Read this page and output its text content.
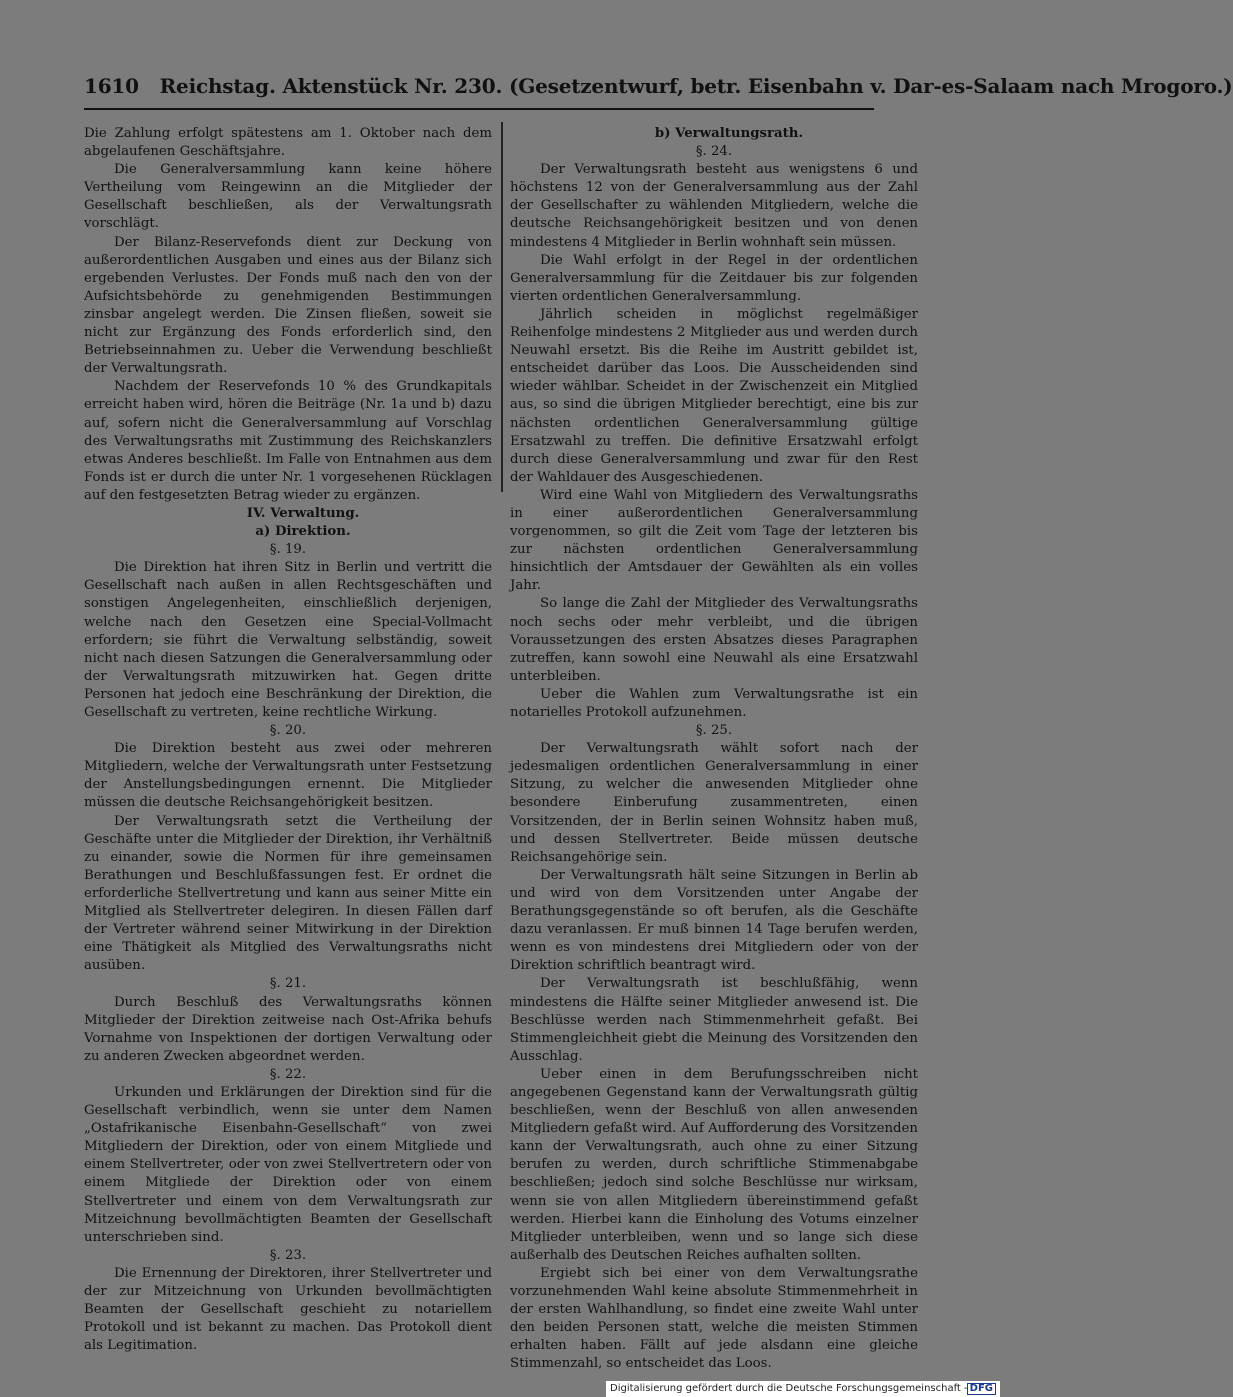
1610 Reichstag. Aktenstück Nr. 230. (Gesetzentwurf, betr. Eisenbahn v. Dar-es-Salaam nach Mrogoro.)

Die Zahlung erfolgt spätestens am 1. Oktober nach dem abgelaufenen Geschäftsjahre.

Die Generalversammlung kann keine höhere Vertheilung vom Reingewinn an die Mitglieder der Gesellschaft beschließen, als der Verwaltungsrath vorschlägt.

Der Bilanz-Reservefonds dient zur Deckung von außerordentlichen Ausgaben und eines aus der Bilanz sich ergebenden Verlustes. Der Fonds muß nach den von der Aufsichtsbehörde zu genehmigenden Bestimmungen zinsbar angelegt werden. Die Zinsen fließen, soweit sie nicht zur Ergänzung des Fonds erforderlich sind, den Betriebseinnahmen zu. Ueber die Verwendung beschließt der Verwaltungsrath.

Nachdem der Reservefonds 10 % des Grundkapitals erreicht haben wird, hören die Beiträge (Nr. 1a und b) dazu auf, sofern nicht die Generalversammlung auf Vorschlag des Verwaltungsraths mit Zustimmung des Reichskanzlers etwas Anderes beschließt. Im Falle von Entnahmen aus dem Fonds ist er durch die unter Nr. 1 vorgesehenen Rücklagen auf den festgesetzten Betrag wieder zu ergänzen.

IV. Verwaltung.

a) Direktion.

§. 19.

Die Direktion hat ihren Sitz in Berlin und vertritt die Gesellschaft nach außen in allen Rechtsgeschäften und sonstigen Angelegenheiten, einschließlich derjenigen, welche nach den Gesetzen eine Special-Vollmacht erfordern; sie führt die Verwaltung selbständig, soweit nicht nach diesen Satzungen die Generalversammlung oder der Verwaltungsrath mitzuwirken hat. Gegen dritte Personen hat jedoch eine Beschränkung der Direktion, die Gesellschaft zu vertreten, keine rechtliche Wirkung.

§. 20.

Die Direktion besteht aus zwei oder mehreren Mitgliedern, welche der Verwaltungsrath unter Festsetzung der Anstellungsbedingungen ernennt. Die Mitglieder müssen die deutsche Reichsangehörigkeit besitzen.

Der Verwaltungsrath setzt die Vertheilung der Geschäfte unter die Mitglieder der Direktion, ihr Verhältniß zu einander, sowie die Normen für ihre gemeinsamen Berathungen und Beschlußfassungen fest. Er ordnet die erforderliche Stellvertretung und kann aus seiner Mitte ein Mitglied als Stellvertreter delegiren. In diesen Fällen darf der Vertreter während seiner Mitwirkung in der Direktion eine Thätigkeit als Mitglied des Verwaltungsraths nicht ausüben.

§. 21.

Durch Beschluß des Verwaltungsraths können Mitglieder der Direktion zeitweise nach Ost-Afrika behufs Vornahme von Inspektionen der dortigen Verwaltung oder zu anderen Zwecken abgeordnet werden.

§. 22.

Urkunden und Erklärungen der Direktion sind für die Gesellschaft verbindlich, wenn sie unter dem Namen „Ostafrikanische Eisenbahn-Gesellschaft“ von zwei Mitgliedern der Direktion, oder von einem Mitgliede und einem Stellvertreter, oder von zwei Stellvertretern oder von einem Mitgliede der Direktion oder von einem Stellvertreter und einem von dem Verwaltungsrath zur Mitzeichnung bevollmächtigten Beamten der Gesellschaft unterschrieben sind.

§. 23.

Die Ernennung der Direktoren, ihrer Stellvertreter und der zur Mitzeichnung von Urkunden bevollmächtigten Beamten der Gesellschaft geschieht zu notariellem Protokoll und ist bekannt zu machen. Das Protokoll dient als Legitimation.

b) Verwaltungsrath.

§. 24.

Der Verwaltungsrath besteht aus wenigstens 6 und höchstens 12 von der Generalversammlung aus der Zahl der Gesellschafter zu wählenden Mitgliedern, welche die deutsche Reichsangehörigkeit besitzen und von denen mindestens 4 Mitglieder in Berlin wohnhaft sein müssen.

Die Wahl erfolgt in der Regel in der ordentlichen Generalversammlung für die Zeitdauer bis zur folgenden vierten ordentlichen Generalversammlung.

Jährlich scheiden in möglichst regelmäßiger Reihenfolge mindestens 2 Mitglieder aus und werden durch Neuwahl ersetzt. Bis die Reihe im Austritt gebildet ist, entscheidet darüber das Loos. Die Ausscheidenden sind wieder wählbar. Scheidet in der Zwischenzeit ein Mitglied aus, so sind die übrigen Mitglieder berechtigt, eine bis zur nächsten ordentlichen Generalversammlung gültige Ersatzwahl zu treffen. Die definitive Ersatzwahl erfolgt durch diese Generalversammlung und zwar für den Rest der Wahldauer des Ausgeschiedenen.

Wird eine Wahl von Mitgliedern des Verwaltungsraths in einer außerordentlichen Generalversammlung vorgenommen, so gilt die Zeit vom Tage der letzteren bis zur nächsten ordentlichen Generalversammlung hinsichtlich der Amtsdauer der Gewählten als ein volles Jahr.

So lange die Zahl der Mitglieder des Verwaltungsraths noch sechs oder mehr verbleibt, und die übrigen Voraussetzungen des ersten Absatzes dieses Paragraphen zutreffen, kann sowohl eine Neuwahl als eine Ersatzwahl unterbleiben.

Ueber die Wahlen zum Verwaltungsrathe ist ein notarielles Protokoll aufzunehmen.

§. 25.

Der Verwaltungsrath wählt sofort nach der jedesmaligen ordentlichen Generalversammlung in einer Sitzung, zu welcher die anwesenden Mitglieder ohne besondere Einberufung zusammentreten, einen Vorsitzenden, der in Berlin seinen Wohnsitz haben muß, und dessen Stellvertreter. Beide müssen deutsche Reichsangehörige sein.

Der Verwaltungsrath hält seine Sitzungen in Berlin ab und wird von dem Vorsitzenden unter Angabe der Berathungsgegenstände so oft berufen, als die Geschäfte dazu veranlassen. Er muß binnen 14 Tage berufen werden, wenn es von mindestens drei Mitgliedern oder von der Direktion schriftlich beantragt wird.

Der Verwaltungsrath ist beschlußfähig, wenn mindestens die Hälfte seiner Mitglieder anwesend ist. Die Beschlüsse werden nach Stimmenmehrheit gefaßt. Bei Stimmengleichheit giebt die Meinung des Vorsitzenden den Ausschlag.

Ueber einen in dem Berufungsschreiben nicht angegebenen Gegenstand kann der Verwaltungsrath gültig beschließen, wenn der Beschluß von allen anwesenden Mitgliedern gefaßt wird. Auf Aufforderung des Vorsitzenden kann der Verwaltungsrath, auch ohne zu einer Sitzung berufen zu werden, durch schriftliche Stimmenabgabe beschließen; jedoch sind solche Beschlüsse nur wirksam, wenn sie von allen Mitgliedern übereinstimmend gefaßt werden. Hierbei kann die Einholung des Votums einzelner Mitglieder unterbleiben, wenn und so lange sich diese außerhalb des Deutschen Reiches aufhalten sollten.

Ergiebt sich bei einer von dem Verwaltungsrathe vorzunehmenden Wahl keine absolute Stimmenmehrheit in der ersten Wahlhandlung, so findet eine zweite Wahl unter den beiden Personen statt, welche die meisten Stimmen erhalten haben. Fällt auf jede alsdann eine gleiche Stimmenzahl, so entscheidet das Loos.

Digitalisierung gefördert durch die Deutsche Forschungsgemeinschaft - DFG
